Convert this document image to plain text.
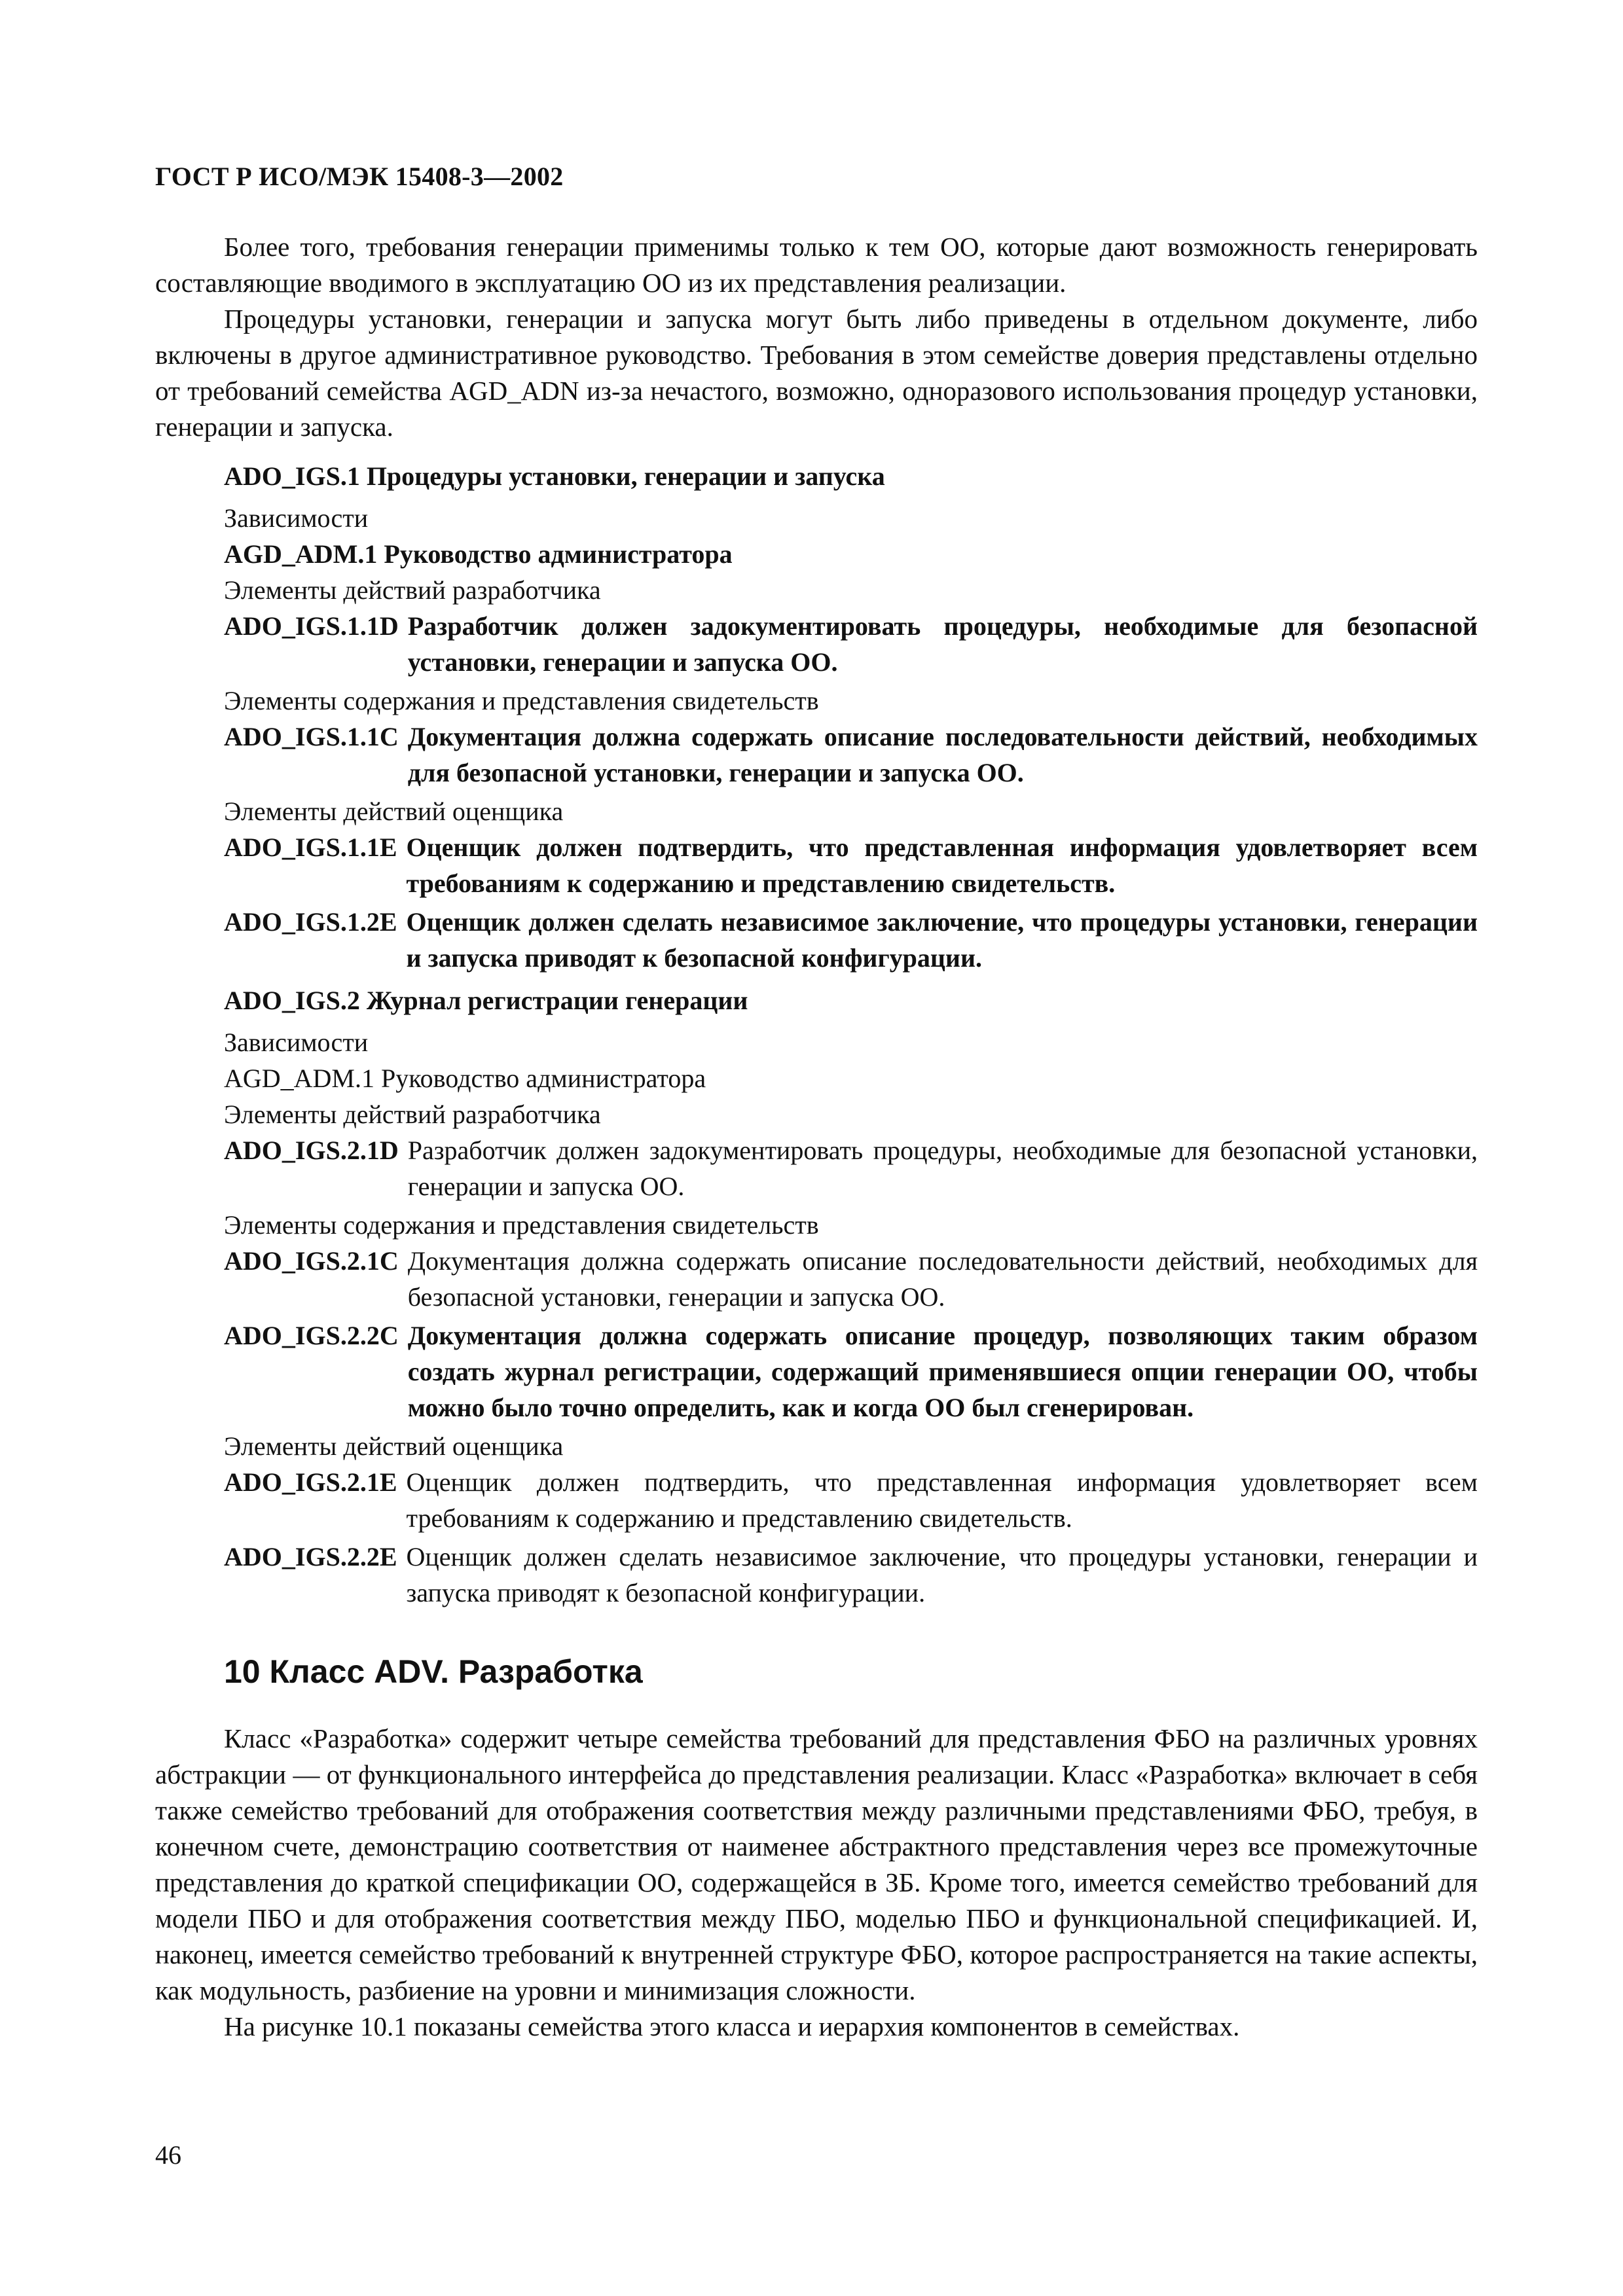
ГОСТ Р ИСО/МЭК 15408-3—2002

Более того, требования генерации применимы только к тем ОО, которые дают возможность генерировать составляющие вводимого в эксплуатацию ОО из их представления реализации.

Процедуры установки, генерации и запуска могут быть либо приведены в отдельном документе, либо включены в другое административное руководство. Требования в этом семействе доверия представлены отдельно от требований семейства AGD_ADN из-за нечастого, возможно, одноразового использования процедур установки, генерации и запуска.

ADO_IGS.1 Процедуры установки, генерации и запуска
Зависимости
AGD_ADM.1 Руководство администратора
Элементы действий разработчика
ADO_IGS.1.1D Разработчик должен задокументировать процедуры, необходимые для безопасной установки, генерации и запуска ОО.
Элементы содержания и представления свидетельств
ADO_IGS.1.1C Документация должна содержать описание последовательности действий, необходимых для безопасной установки, генерации и запуска ОО.
Элементы действий оценщика
ADO_IGS.1.1E Оценщик должен подтвердить, что представленная информация удовлетворяет всем требованиям к содержанию и представлению свидетельств.
ADO_IGS.1.2E Оценщик должен сделать независимое заключение, что процедуры установки, генерации и запуска приводят к безопасной конфигурации.
ADO_IGS.2 Журнал регистрации генерации
Зависимости
AGD_ADM.1 Руководство администратора
Элементы действий разработчика
ADO_IGS.2.1D Разработчик должен задокументировать процедуры, необходимые для безопасной установки, генерации и запуска ОО.
Элементы содержания и представления свидетельств
ADO_IGS.2.1C Документация должна содержать описание последовательности действий, необходимых для безопасной установки, генерации и запуска ОО.
ADO_IGS.2.2C Документация должна содержать описание процедур, позволяющих таким образом создать журнал регистрации, содержащий применявшиеся опции генерации ОО, чтобы можно было точно определить, как и когда ОО был сгенерирован.
Элементы действий оценщика
ADO_IGS.2.1E Оценщик должен подтвердить, что представленная информация удовлетворяет всем требованиям к содержанию и представлению свидетельств.
ADO_IGS.2.2E Оценщик должен сделать независимое заключение, что процедуры установки, генерации и запуска приводят к безопасной конфигурации.
10 Класс ADV. Разработка

Класс «Разработка» содержит четыре семейства требований для представления ФБО на различных уровнях абстракции — от функционального интерфейса до представления реализации. Класс «Разработка» включает в себя также семейство требований для отображения соответствия между различными представлениями ФБО, требуя, в конечном счете, демонстрацию соответствия от наименее абстрактного представления через все промежуточные представления до краткой спецификации ОО, содержащейся в ЗБ. Кроме того, имеется семейство требований для модели ПБО и для отображения соответствия между ПБО, моделью ПБО и функциональной спецификацией. И, наконец, имеется семейство требований к внутренней структуре ФБО, которое распространяется на такие аспекты, как модульность, разбиение на уровни и минимизация сложности.

На рисунке 10.1 показаны семейства этого класса и иерархия компонентов в семействах.

46
